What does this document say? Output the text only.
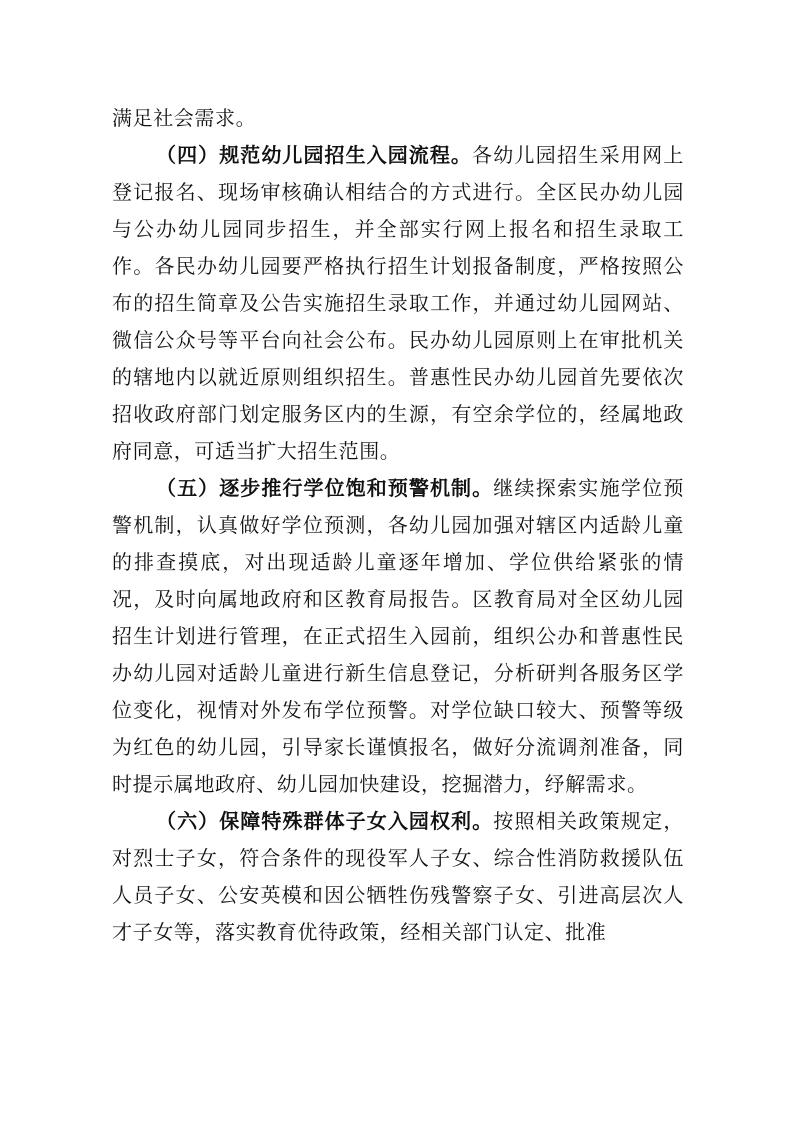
满足社会需求。

（四）规范幼儿园招生入园流程。各幼儿园招生采用网上登记报名、现场审核确认相结合的方式进行。全区民办幼儿园与公办幼儿园同步招生，并全部实行网上报名和招生录取工作。各民办幼儿园要严格执行招生计划报备制度，严格按照公布的招生简章及公告实施招生录取工作，并通过幼儿园网站、微信公众号等平台向社会公布。民办幼儿园原则上在审批机关的辖地内以就近原则组织招生。普惠性民办幼儿园首先要依次招收政府部门划定服务区内的生源，有空余学位的，经属地政府同意，可适当扩大招生范围。

（五）逐步推行学位饱和预警机制。继续探索实施学位预警机制，认真做好学位预测，各幼儿园加强对辖区内适龄儿童的排查摸底，对出现适龄儿童逐年增加、学位供给紧张的情况，及时向属地政府和区教育局报告。区教育局对全区幼儿园招生计划进行管理，在正式招生入园前，组织公办和普惠性民办幼儿园对适龄儿童进行新生信息登记，分析研判各服务区学位变化，视情对外发布学位预警。对学位缺口较大、预警等级为红色的幼儿园，引导家长谨慎报名，做好分流调剂准备，同时提示属地政府、幼儿园加快建设，挖掘潜力，纾解需求。

（六）保障特殊群体子女入园权利。按照相关政策规定，对烈士子女，符合条件的现役军人子女、综合性消防救援队伍人员子女、公安英模和因公牺牲伤残警察子女、引进高层次人才子女等，落实教育优待政策，经相关部门认定、批准
